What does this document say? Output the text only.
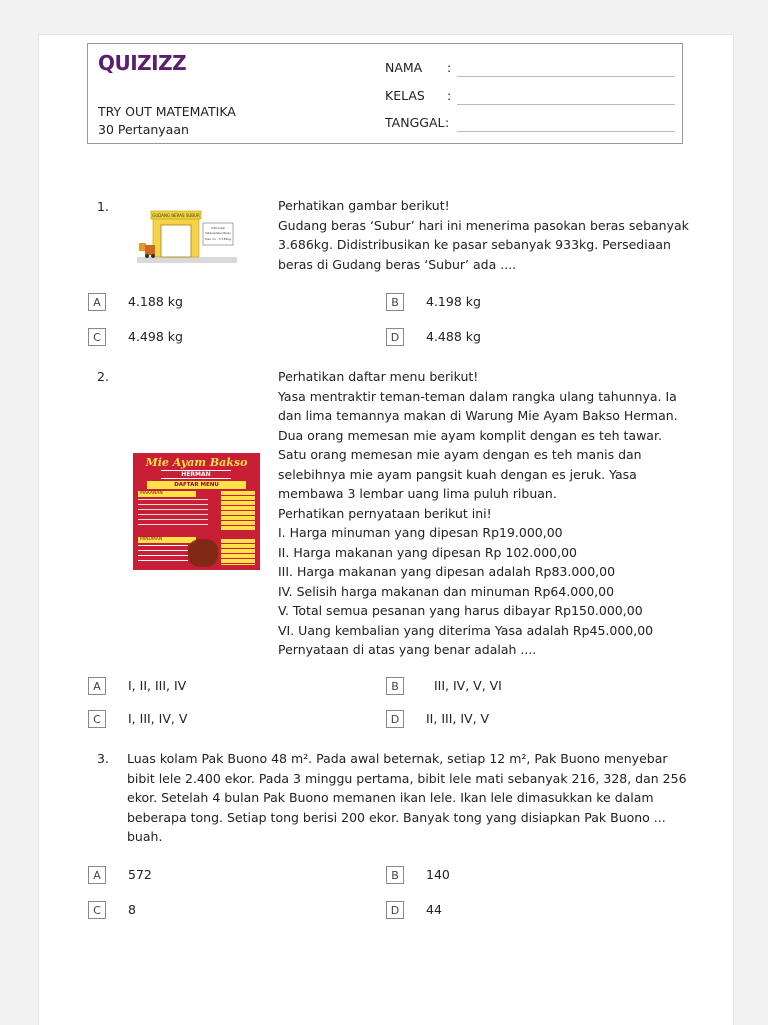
QUIZIZZ
TRY OUT MATEMATIKA
30 Pertanyaan
NAMA :
KELAS :
TANGGAL :
1.
GUDANG BERAS SUBUR
Informasi
Ketersediaan Beras
Hari ini : 3.745kg

Perhatikan gambar berikut!

Gudang beras ‘Subur’ hari ini menerima pasokan beras sebanyak

3.686kg. Didistribusikan ke pasar sebanyak 933kg. Persediaan

beras di Gudang beras ‘Subur’ ada ....

A	4.188 kg	B	4.198 kg
C	4.498 kg	D	4.488 kg
2.
Mie Ayam Bakso
HERMAN
DAFTAR MENU
MAKANAN
MINUMAN

Perhatikan daftar menu berikut!

Yasa mentraktir teman-teman dalam rangka ulang tahunnya. Ia

dan lima temannya makan di Warung Mie Ayam Bakso Herman.

Dua orang memesan mie ayam komplit dengan es teh tawar.

Satu orang memesan mie ayam dengan es teh manis dan

selebihnya mie ayam pangsit kuah dengan es jeruk. Yasa

membawa 3 lembar uang lima puluh ribuan.

Perhatikan pernyataan berikut ini!

I. Harga minuman yang dipesan Rp19.000,00

II. Harga makanan yang dipesan Rp 102.000,00

III. Harga makanan yang dipesan adalah Rp83.000,00

IV. Selisih harga makanan dan minuman Rp64.000,00

V. Total semua pesanan yang harus dibayar Rp150.000,00

VI. Uang kembalian yang diterima Yasa adalah Rp45.000,00

Pernyataan di atas yang benar adalah ....

A	I, II, III, IV	B	III, IV, V, VI
C	I, III, IV, V	D	II, III, IV, V
3. Luas kolam Pak Buono 48 m². Pada awal beternak, setiap 12 m², Pak Buono menyebar

bibit lele 2.400 ekor. Pada 3 minggu pertama, bibit lele mati sebanyak 216, 328, dan 256

ekor. Setelah 4 bulan Pak Buono memanen ikan lele. Ikan lele dimasukkan ke dalam

beberapa tong. Setiap tong berisi 200 ekor. Banyak tong yang disiapkan Pak Buono ...

buah.

A	572	B	140
C	8	D	44
